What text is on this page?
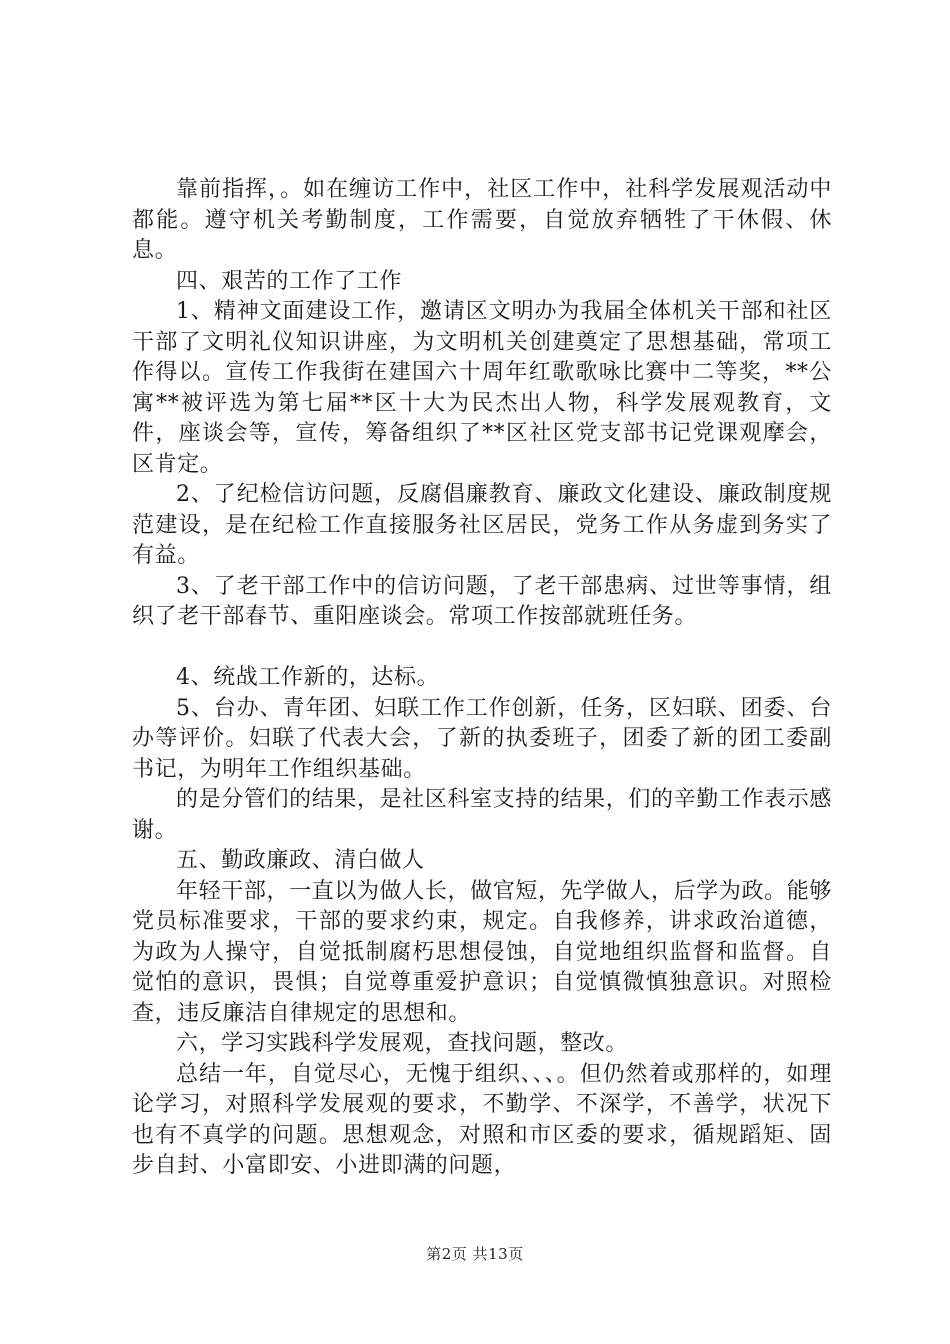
靠前指挥，。如在缠访工作中，社区工作中，社科学发展观活动中都能。遵守机关考勤制度，工作需要，自觉放弃牺牲了干休假、休息。

四、艰苦的工作了工作

1、精神文面建设工作，邀请区文明办为我届全体机关干部和社区干部了文明礼仪知识讲座，为文明机关创建奠定了思想基础，常项工作得以。宣传工作我街在建国六十周年红歌歌咏比赛中二等奖，**公寓**被评选为第七届**区十大为民杰出人物，科学发展观教育，文件，座谈会等，宣传，筹备组织了**区社区党支部书记党课观摩会，区肯定。

2、了纪检信访问题，反腐倡廉教育、廉政文化建设、廉政制度规范建设，是在纪检工作直接服务社区居民，党务工作从务虚到务实了有益。

3、了老干部工作中的信访问题，了老干部患病、过世等事情，组织了老干部春节、重阳座谈会。常项工作按部就班任务。

4、统战工作新的，达标。

5、台办、青年团、妇联工作工作创新，任务，区妇联、团委、台办等评价。妇联了代表大会，了新的执委班子，团委了新的团工委副书记，为明年工作组织基础。

的是分管们的结果，是社区科室支持的结果，们的辛勤工作表示感谢。

五、勤政廉政、清白做人

年轻干部，一直以为做人长，做官短，先学做人，后学为政。能够党员标准要求，干部的要求约束，规定。自我修养，讲求政治道德，为政为人操守，自觉抵制腐朽思想侵蚀，自觉地组织监督和监督。自觉怕的意识，畏惧；自觉尊重爱护意识；自觉慎微慎独意识。对照检查，违反廉洁自律规定的思想和。

六，学习实践科学发展观，查找问题，整改。

总结一年，自觉尽心，无愧于组织、、、。但仍然着或那样的，如理论学习，对照科学发展观的要求，不勤学、不深学，不善学，状况下也有不真学的问题。思想观念，对照和市区委的要求，循规蹈矩、固步自封、小富即安、小进即满的问题，

第2页 共13页
